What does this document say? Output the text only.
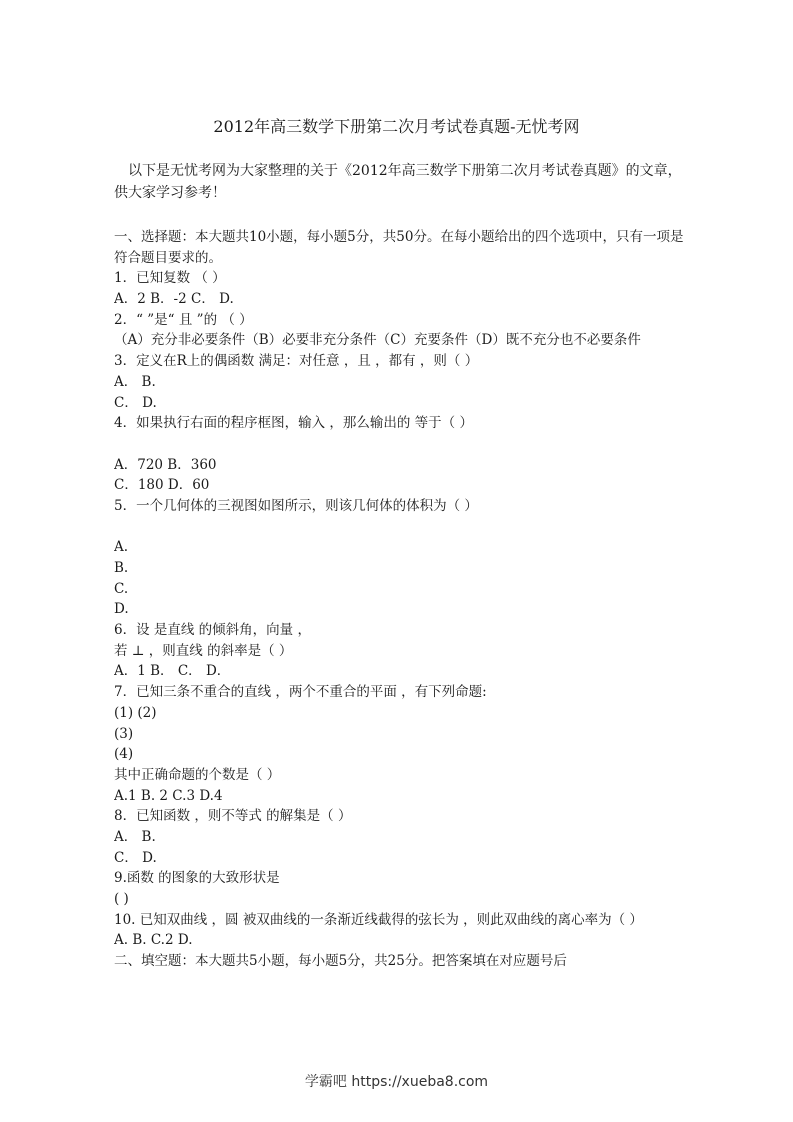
2012年高三数学下册第二次月考试卷真题-无忧考网

以下是无忧考网为大家整理的关于《2012年高三数学下册第二次月考试卷真题》的文章，供大家学习参考！

一、选择题：本大题共10小题，每小题5分，共50分。在每小题给出的四个选项中，只有一项是符合题目要求的。
1．已知复数 （ ）
A．2 B．-2 C． D.
2．“ ”是“ 且 ”的 （ ）
（A）充分非必要条件（B）必要非充分条件（C）充要条件（D）既不充分也不必要条件
3．定义在R上的偶函数 满足：对任意 ，且 ，都有 ，则（ ）
A． B.
C． D.
4．如果执行右面的程序框图，输入 ，那么输出的 等于（ ）
A．720 B．360
C．180 D．60
5．一个几何体的三视图如图所示，则该几何体的体积为（ ）
A.
B.
C.
D.
6．设 是直线 的倾斜角，向量 ，
若 ⊥ ，则直线 的斜率是（ ）
A．1 B． C． D．
7．已知三条不重合的直线 ，两个不重合的平面 ，有下列命题:
(1) (2)
(3)
(4)
其中正确命题的个数是（ ）
A.1 B. 2 C.3 D.4
8．已知函数 ，则不等式 的解集是（ ）
A． B.
C． D.
9.函数 的图象的大致形状是
( )
10. 已知双曲线 ，圆 被双曲线的一条渐近线截得的弦长为 ，则此双曲线的离心率为（ ）
A. B. C.2 D.
二、填空题：本大题共5小题，每小题5分，共25分。把答案填在对应题号后
学霸吧 https://xueba8.com
